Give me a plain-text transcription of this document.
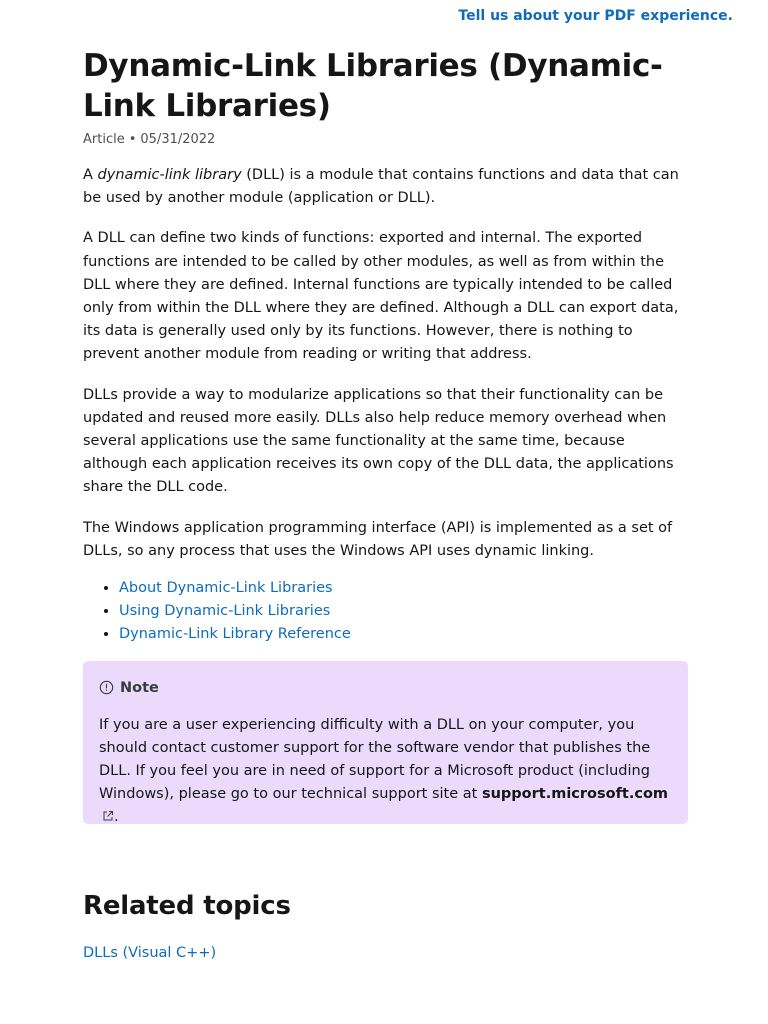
Tell us about your PDF experience.
Dynamic-Link Libraries (Dynamic-Link Libraries)
Article • 05/31/2022

A dynamic-link library (DLL) is a module that contains functions and data that can be used by another module (application or DLL).

A DLL can define two kinds of functions: exported and internal. The exported functions are intended to be called by other modules, as well as from within the DLL where they are defined. Internal functions are typically intended to be called only from within the DLL where they are defined. Although a DLL can export data, its data is generally used only by its functions. However, there is nothing to prevent another module from reading or writing that address.

DLLs provide a way to modularize applications so that their functionality can be updated and reused more easily. DLLs also help reduce memory overhead when several applications use the same functionality at the same time, because although each application receives its own copy of the DLL data, the applications share the DLL code.

The Windows application programming interface (API) is implemented as a set of DLLs, so any process that uses the Windows API uses dynamic linking.

• About Dynamic-Link Libraries
• Using Dynamic-Link Libraries
• Dynamic-Link Library Reference
Note
If you are a user experiencing difficulty with a DLL on your computer, you should contact customer support for the software vendor that publishes the DLL. If you feel you are in need of support for a Microsoft product (including Windows), please go to our technical support site at support.microsoft.com.
Related topics
DLLs (Visual C++)
